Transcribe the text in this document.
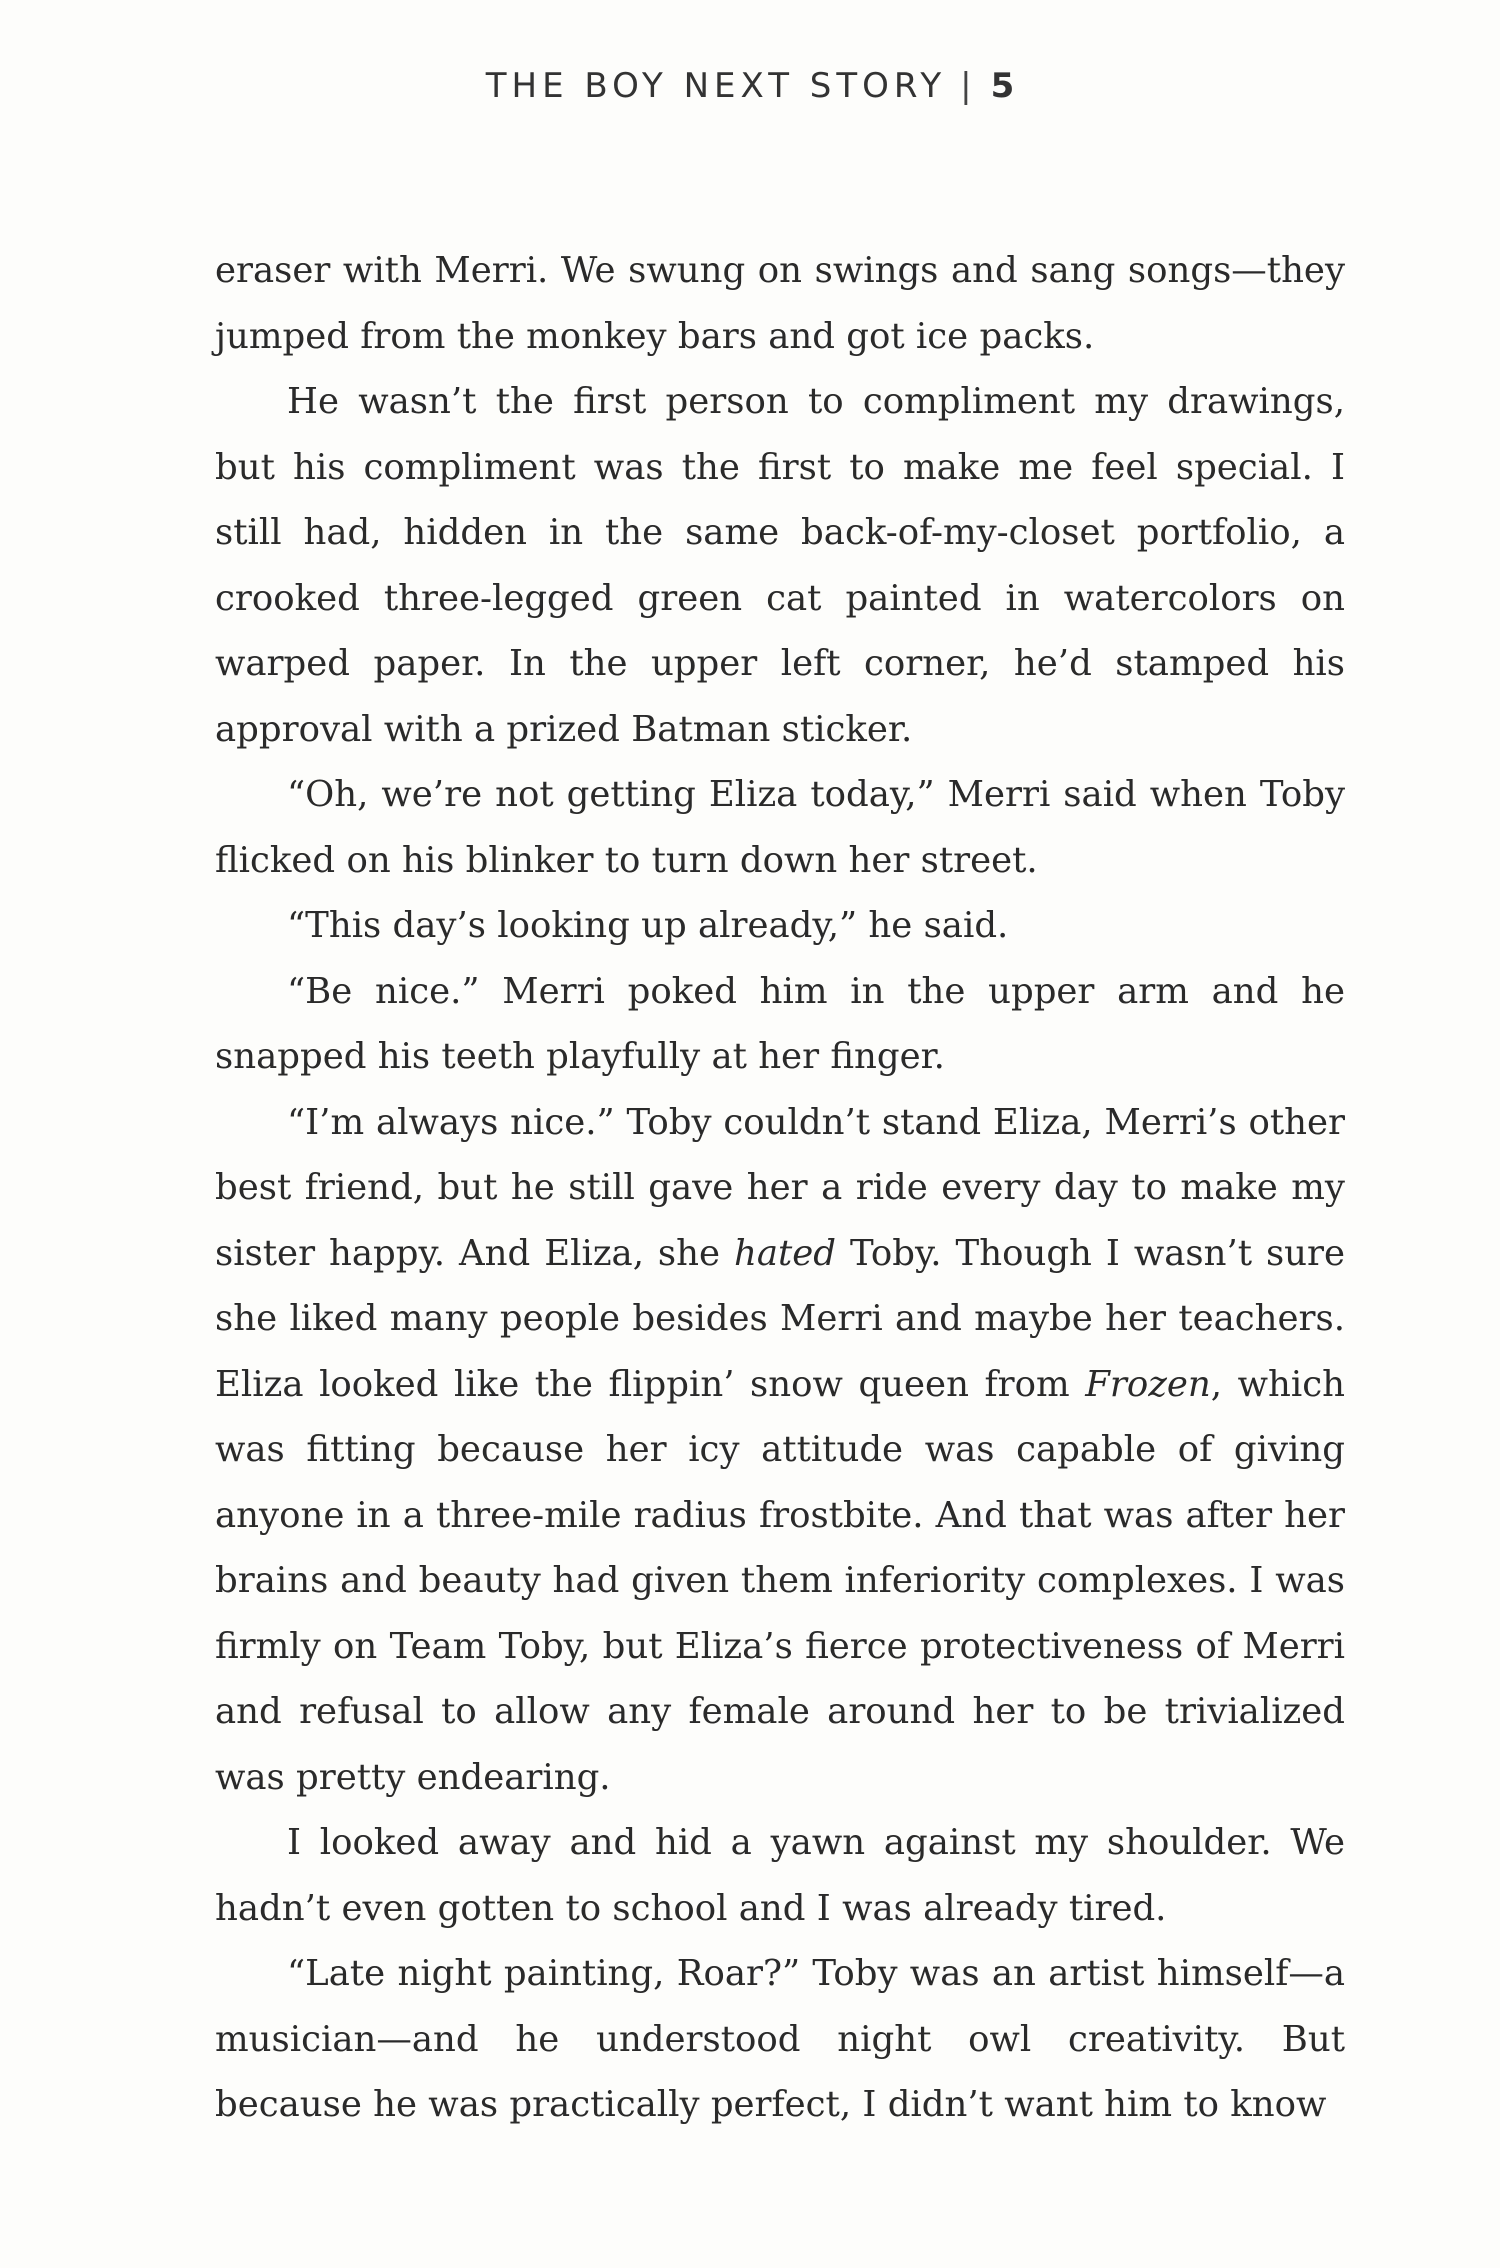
THE BOY NEXT STORY | 5

eraser with Merri. We swung on swings and sang songs—they jumped from the monkey bars and got ice packs.

He wasn’t the first person to compliment my drawings, but his compliment was the first to make me feel special. I still had, hidden in the same back-of-my-closet portfolio, a crooked three-legged green cat painted in watercolors on warped paper. In the upper left corner, he’d stamped his approval with a prized Batman sticker.

“Oh, we’re not getting Eliza today,” Merri said when Toby flicked on his blinker to turn down her street.

“This day’s looking up already,” he said.

“Be nice.” Merri poked him in the upper arm and he snapped his teeth playfully at her finger.

“I’m always nice.” Toby couldn’t stand Eliza, Merri’s other best friend, but he still gave her a ride every day to make my sister happy. And Eliza, she hated Toby. Though I wasn’t sure she liked many people besides Merri and maybe her teachers. Eliza looked like the flippin’ snow queen from Frozen, which was fitting because her icy attitude was capable of giving anyone in a three-mile radius frostbite. And that was after her brains and beauty had given them inferiority complexes. I was firmly on Team Toby, but Eliza’s fierce protectiveness of Merri and refusal to allow any female around her to be trivialized was pretty endearing.

I looked away and hid a yawn against my shoulder. We hadn’t even gotten to school and I was already tired.

“Late night painting, Roar?” Toby was an artist himself—a musician—and he understood night owl creativity. But because he was practically perfect, I didn’t want him to know
